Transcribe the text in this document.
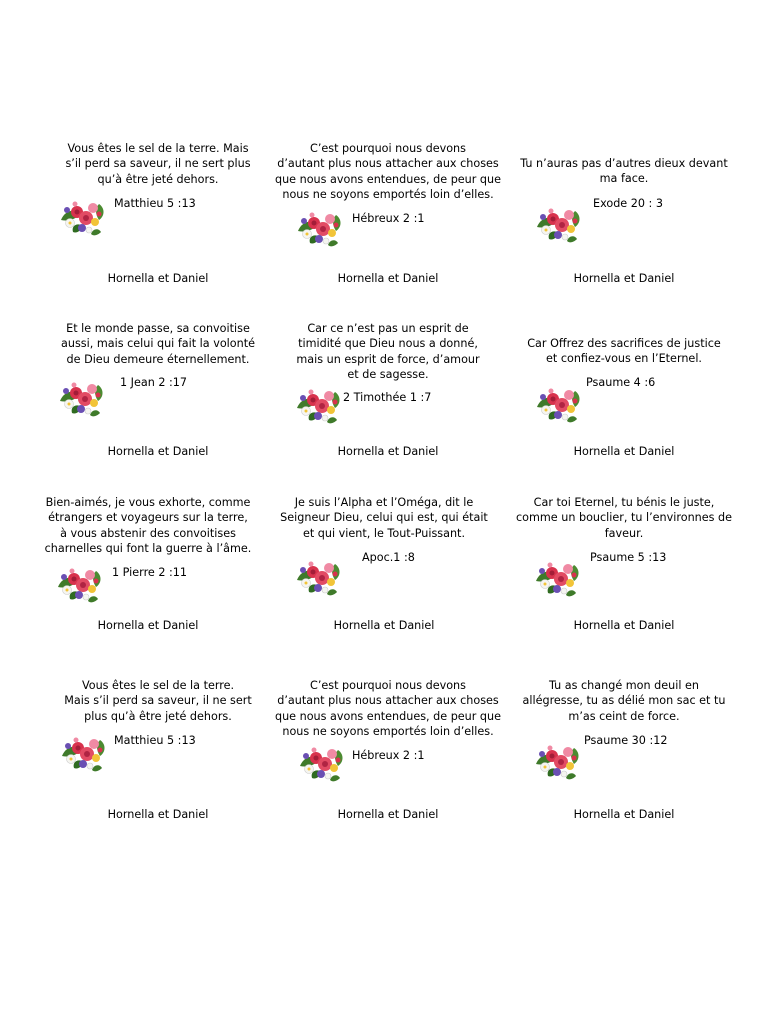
Vous êtes le sel de la terre. Mais
s’il perd sa saveur, il ne sert plus
qu’à être jeté dehors.
Matthieu 5 :13
Hornella et Daniel
C’est pourquoi nous devons
d’autant plus nous attacher aux choses
que nous avons entendues, de peur que
nous ne soyons emportés loin d’elles.
Hébreux 2 :1
Hornella et Daniel
Tu n’auras pas d’autres dieux devant
ma face.
Exode 20 : 3
Hornella et Daniel
Et le monde passe, sa convoitise
aussi, mais celui qui fait la volonté
de Dieu demeure éternellement.
1 Jean 2 :17
Hornella et Daniel
Car ce n’est pas un esprit de
timidité que Dieu nous a donné,
mais un esprit de force, d’amour
et de sagesse.
2 Timothée 1 :7
Hornella et Daniel
Car Offrez des sacrifices de justice
et confiez-vous en l’Eternel.
Psaume 4 :6
Hornella et Daniel
Bien-aimés, je vous exhorte, comme
étrangers et voyageurs sur la terre,
à vous abstenir des convoitises
charnelles qui font la guerre à l’âme.
1 Pierre 2 :11
Hornella et Daniel
Je suis l’Alpha et l’Oméga, dit le
Seigneur Dieu, celui qui est, qui était
et qui vient, le Tout-Puissant.
Apoc.1 :8
Hornella et Daniel
Car toi Eternel, tu bénis le juste,
comme un bouclier, tu l’environnes de
faveur.
Psaume 5 :13
Hornella et Daniel
Vous êtes le sel de la terre.
Mais s’il perd sa saveur, il ne sert
plus qu’à être jeté dehors.
Matthieu 5 :13
Hornella et Daniel
C’est pourquoi nous devons
d’autant plus nous attacher aux choses
que nous avons entendues, de peur que
nous ne soyons emportés loin d’elles.
Hébreux 2 :1
Hornella et Daniel
Tu as changé mon deuil en
allégresse, tu as délié mon sac et tu
m’as ceint de force.
Psaume 30 :12
Hornella et Daniel
